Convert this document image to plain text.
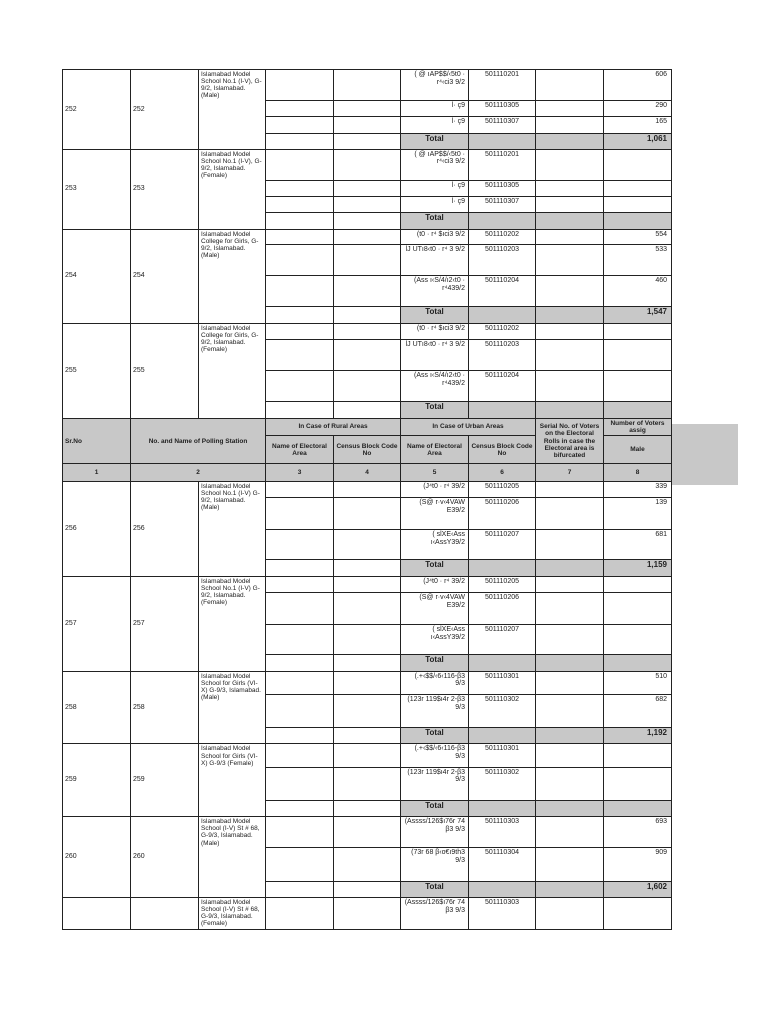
252	252	Islamabad Model School No.1 (I-V), G-9/2, Islamabad. (Male)			( @ ıAP$$/‹5t0 · r⁴‹ci3 9/2	501110201		606
					l· ç9	501110305		290
					l· ç9	501110307		165
					Total			1,061
253	253	Islamabad Model School No.1 (I-V), G-9/2, Islamabad. (Female)			( @ ıAP$$/‹5t0 · r⁴‹ci3 9/2	501110201		
					l· ç9	501110305		
					l· ç9	501110307		
					Total			
254	254	Islamabad Model College for Girls, G-9/2, Islamabad. (Male)			(t0 · r⁴ $ıci3 9/2	501110202		554
					lJ UTı8‹t0 · r⁴ 3 9/2	501110203		533
					(Ass ı‹S/4/ı2‹t0 · r⁴439/2	501110204		460
					Total			1,547
255	255	Islamabad Model College for Girls, G-9/2, Islamabad. (Female)			(t0 · r⁴ $ıci3 9/2	501110202		
					lJ UTı8‹t0 · r⁴ 3 9/2	501110203		
					(Ass ı‹S/4/ı2‹t0 · r⁴439/2	501110204		
					Total			
Sr.No	No. and Name of Polling Station		In Case of Rural Areas		In Case of Urban Areas		Serial No. of Voters on the Electoral Rolls in case the Electoral area is bifurcated	Number of Voters assig
			Name of Electoral Area	Census Block Code No	Name of Electoral Area	Census Block Code No		Male
1	2		3	4	5	6	7	8
256	256	Islamabad Model School No.1 (I-V) G-9/2, Islamabad. (Male)			(J⁴t0 · r⁴ 39/2	501110205		339
					(S@ r·v‹4VAW E39/2	501110206		139
					( slXE‹Ass ı‹AssY39/2	501110207		681
					Total			1,159
257	257	Islamabad Model School No.1 (I-V) G-9/2, Islamabad. (Female)			(J⁴t0 · r⁴ 39/2	501110205		
					(S@ r·v‹4VAW E39/2	501110206		
					( slXE‹Ass ı‹AssY39/2	501110207		
					Total			
258	258	Islamabad Model School for Girls (VI-X) G-9/3, Islamabad. (Male)			(.+‹$$/‹6‹116-β3 9/3	501110301		510
					(123r 119$ı4r 2-β3 9/3	501110302		682
					Total			1,192
259	259	Islamabad Model School for Girls (VI-X) G-9/3 (Female)			(.+‹$$/‹6‹116-β3 9/3	501110301		
					(123r 119$ı4r 2-β3 9/3	501110302		
					Total			
260	260	Islamabad Model School (I-V) St # 68, G-9/3, Islamabad. (Male)			(Assss/126$ı76r 74 β3 9/3	501110303		693
					(73r 68 β‹o€ı9th3 9/3	501110304		909
					Total			1,602
		Islamabad Model School (I-V) St # 68, G-9/3, Islamabad. (Female)			(Assss/126$ı76r 74 β3 9/3	501110303		
